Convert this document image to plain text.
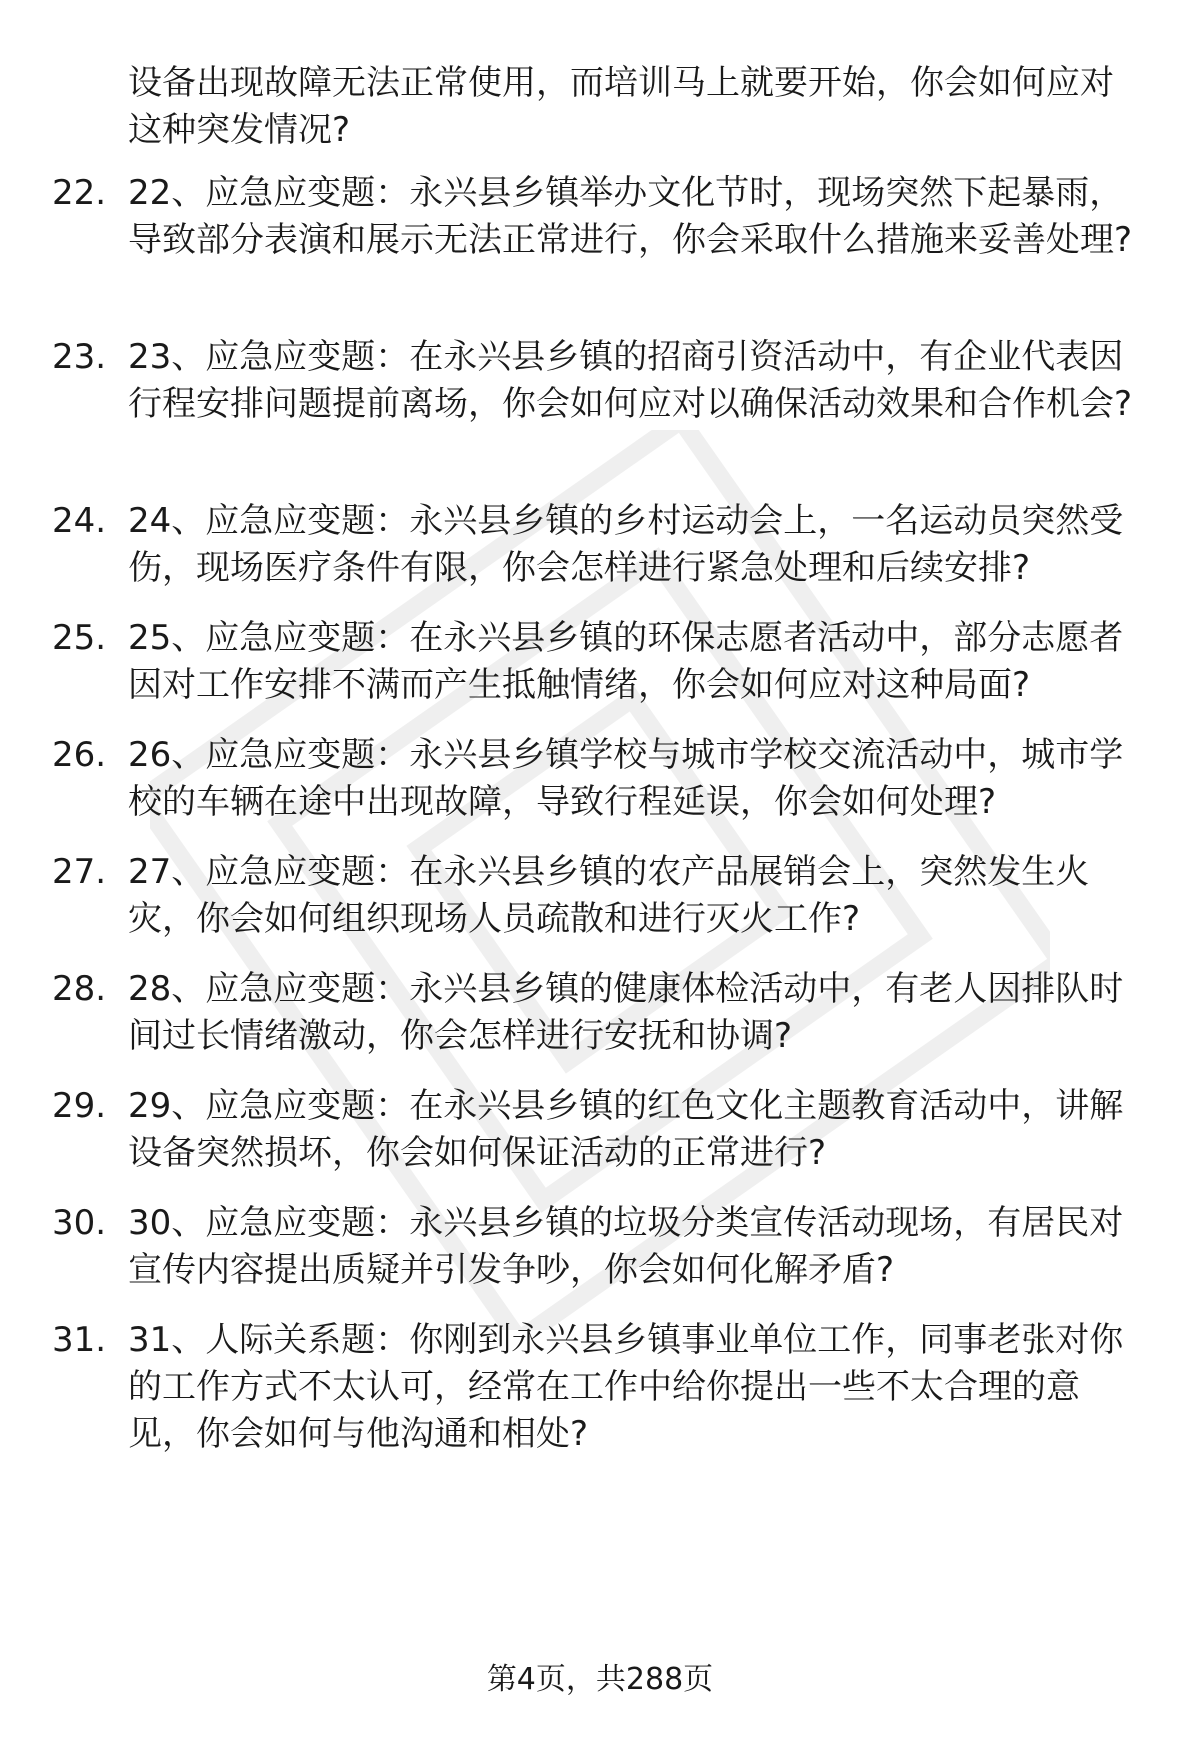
设备出现故障无法正常使用，而培训马上就要开始，你会如何应对这种突发情况?

22. 22、应急应变题：永兴县乡镇举办文化节时，现场突然下起暴雨，导致部分表演和展示无法正常进行，你会采取什么措施来妥善处理?
23. 23、应急应变题：在永兴县乡镇的招商引资活动中，有企业代表因行程安排问题提前离场，你会如何应对以确保活动效果和合作机会?
24. 24、应急应变题：永兴县乡镇的乡村运动会上，一名运动员突然受伤，现场医疗条件有限，你会怎样进行紧急处理和后续安排?
25. 25、应急应变题：在永兴县乡镇的环保志愿者活动中，部分志愿者因对工作安排不满而产生抵触情绪，你会如何应对这种局面?
26. 26、应急应变题：永兴县乡镇学校与城市学校交流活动中，城市学校的车辆在途中出现故障，导致行程延误，你会如何处理?
27. 27、应急应变题：在永兴县乡镇的农产品展销会上，突然发生火灾，你会如何组织现场人员疏散和进行灭火工作?
28. 28、应急应变题：永兴县乡镇的健康体检活动中，有老人因排队时间过长情绪激动，你会怎样进行安抚和协调?
29. 29、应急应变题：在永兴县乡镇的红色文化主题教育活动中，讲解设备突然损坏，你会如何保证活动的正常进行?
30. 30、应急应变题：永兴县乡镇的垃圾分类宣传活动现场，有居民对宣传内容提出质疑并引发争吵，你会如何化解矛盾?
31. 31、人际关系题：你刚到永兴县乡镇事业单位工作，同事老张对你的工作方式不太认可，经常在工作中给你提出一些不太合理的意见，你会如何与他沟通和相处?
第4页，共288页
